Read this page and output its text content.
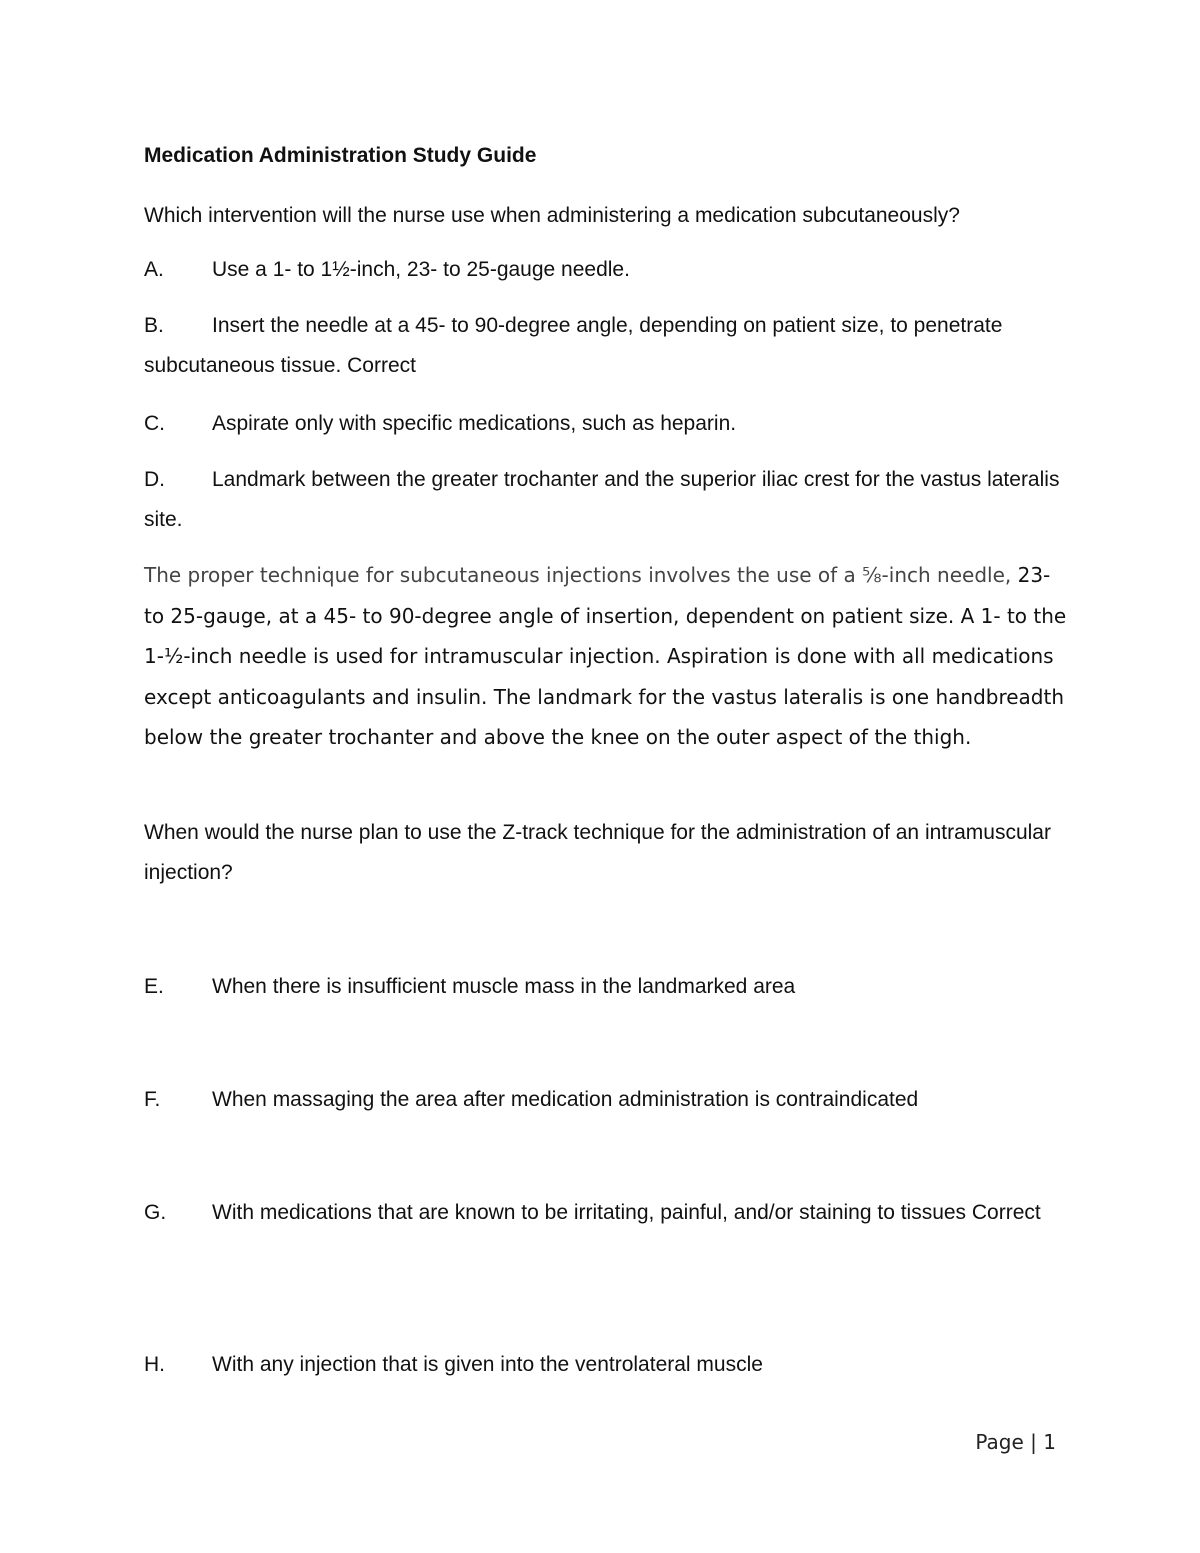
Medication Administration Study Guide

Which intervention will the nurse use when administering a medication subcutaneously?

A. Use a 1- to 1½-inch, 23- to 25-gauge needle.

B. Insert the needle at a 45- to 90-degree angle, depending on patient size, to penetrate subcutaneous tissue. Correct

C. Aspirate only with specific medications, such as heparin.

D. Landmark between the greater trochanter and the superior iliac crest for the vastus lateralis site.

The proper technique for subcutaneous injections involves the use of a ⅝-inch needle, 23- to 25-gauge, at a 45- to 90-degree angle of insertion, dependent on patient size. A 1- to the 1-½-inch needle is used for intramuscular injection. Aspiration is done with all medications except anticoagulants and insulin. The landmark for the vastus lateralis is one handbreadth below the greater trochanter and above the knee on the outer aspect of the thigh.

When would the nurse plan to use the Z-track technique for the administration of an intramuscular injection?

E. When there is insufficient muscle mass in the landmarked area

F. When massaging the area after medication administration is contraindicated

G. With medications that are known to be irritating, painful, and/or staining to tissues Correct

H. With any injection that is given into the ventrolateral muscle

Page | 1
